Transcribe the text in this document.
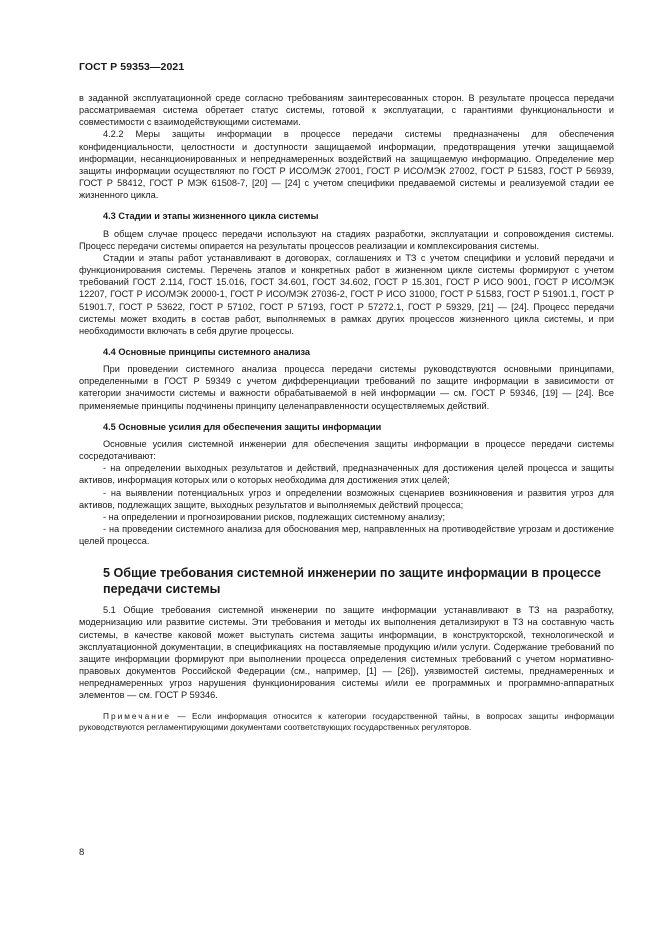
ГОСТ Р 59353—2021

в заданной эксплуатационной среде согласно требованиям заинтересованных сторон. В результате процесса передачи рассматриваемая система обретает статус системы, готовой к эксплуатации, с гарантиями функциональности и совместимости с взаимодействующими системами.

4.2.2 Меры защиты информации в процессе передачи системы предназначены для обеспечения конфиденциальности, целостности и доступности защищаемой информации, предотвращения утечки защищаемой информации, несанкционированных и непреднамеренных воздействий на защищаемую информацию. Определение мер защиты информации осуществляют по ГОСТ Р ИСО/МЭК 27001, ГОСТ Р ИСО/МЭК 27002, ГОСТ Р 51583, ГОСТ Р 56939, ГОСТ Р 58412, ГОСТ Р МЭК 61508-7, [20] — [24] с учетом специфики предаваемой системы и реализуемой стадии ее жизненного цикла.

4.3 Стадии и этапы жизненного цикла системы

В общем случае процесс передачи используют на стадиях разработки, эксплуатации и сопровождения системы. Процесс передачи системы опирается на результаты процессов реализации и комплексирования системы.

Стадии и этапы работ устанавливают в договорах, соглашениях и ТЗ с учетом специфики и условий передачи и функционирования системы. Перечень этапов и конкретных работ в жизненном цикле системы формируют с учетом требований ГОСТ 2.114, ГОСТ 15.016, ГОСТ 34.601, ГОСТ 34.602, ГОСТ Р 15.301, ГОСТ Р ИСО 9001, ГОСТ Р ИСО/МЭК 12207, ГОСТ Р ИСО/МЭК 20000-1, ГОСТ Р ИСО/МЭК 27036-2, ГОСТ Р ИСО 31000, ГОСТ Р 51583, ГОСТ Р 51901.1, ГОСТ Р 51901.7, ГОСТ Р 53622, ГОСТ Р 57102, ГОСТ Р 57193, ГОСТ Р 57272.1, ГОСТ Р 59329, [21] — [24]. Процесс передачи системы может входить в состав работ, выполняемых в рамках других процессов жизненного цикла системы, и при необходимости включать в себя другие процессы.

4.4 Основные принципы системного анализа

При проведении системного анализа процесса передачи системы руководствуются основными принципами, определенными в ГОСТ Р 59349 с учетом дифференциации требований по защите информации в зависимости от категории значимости системы и важности обрабатываемой в ней информации — см. ГОСТ Р 59346, [19] — [24]. Все применяемые принципы подчинены принципу целенаправленности осуществляемых действий.

4.5 Основные усилия для обеспечения защиты информации

Основные усилия системной инженерии для обеспечения защиты информации в процессе передачи системы сосредотачивают:

- на определении выходных результатов и действий, предназначенных для достижения целей процесса и защиты активов, информация которых или о которых необходима для достижения этих целей;

- на выявлении потенциальных угроз и определении возможных сценариев возникновения и развития угроз для активов, подлежащих защите, выходных результатов и выполняемых действий процесса;

- на определении и прогнозировании рисков, подлежащих системному анализу;

- на проведении системного анализа для обоснования мер, направленных на противодействие угрозам и достижение целей процесса.

5 Общие требования системной инженерии по защите информации в процессе передачи системы

5.1 Общие требования системной инженерии по защите информации устанавливают в ТЗ на разработку, модернизацию или развитие системы. Эти требования и методы их выполнения детализируют в ТЗ на составную часть системы, в качестве каковой может выступать система защиты информации, в конструкторской, технологической и эксплуатационной документации, в спецификациях на поставляемые продукцию и/или услуги. Содержание требований по защите информации формируют при выполнении процесса определения системных требований с учетом нормативно-правовых документов Российской Федерации (см., например, [1] — [26]), уязвимостей системы, преднамеренных и непреднамеренных угроз нарушения функционирования системы и/или ее программных и программно-аппаратных элементов — см. ГОСТ Р 59346.

Примечание — Если информация относится к категории государственной тайны, в вопросах защиты информации руководствуются регламентирующими документами соответствующих государственных регуляторов.

8
